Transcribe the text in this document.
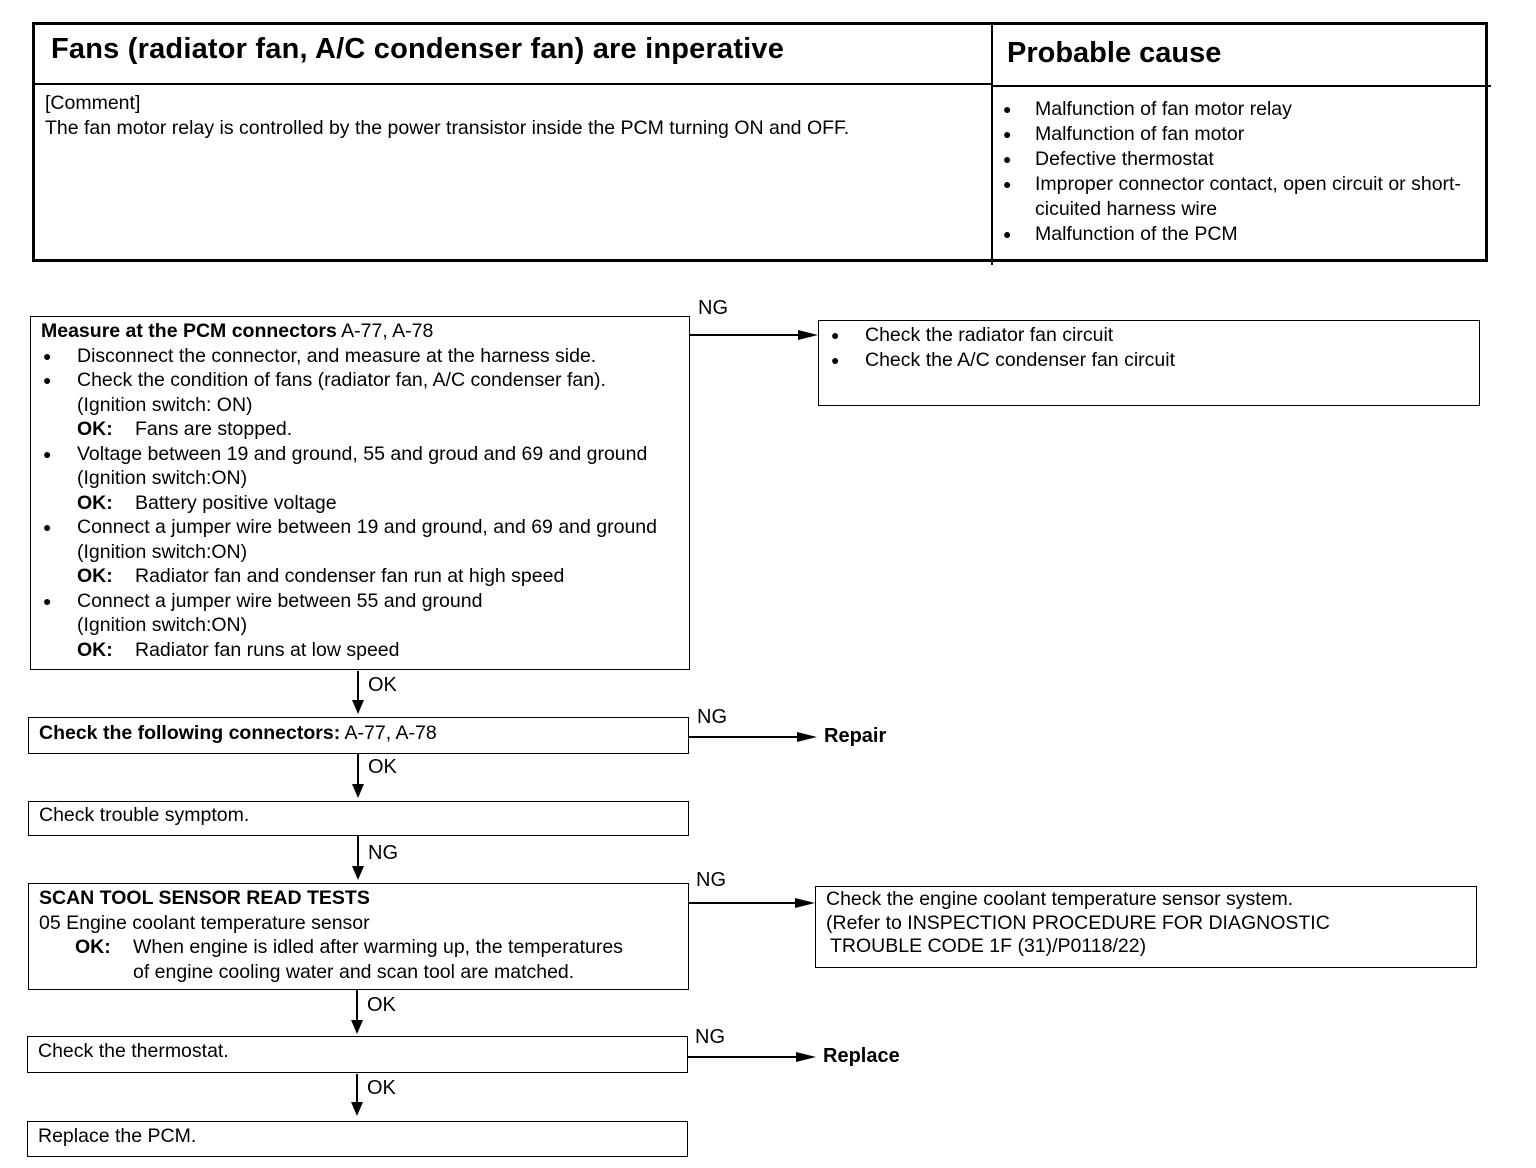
Fans (radiator fan, A/C condenser fan) are inperative	Probable cause
[Comment]
The fan motor relay is controlled by the power transistor inside the PCM turning ON and OFF.
● Malfunction of fan motor relay
● Malfunction of fan motor
● Defective thermostat
● Improper connector contact, open circuit or short-cicuited harness wire
● Malfunction of the PCM
Measure at the PCM connectors A-77, A-78
● Disconnect the connector, and measure at the harness side.
● Check the condition of fans (radiator fan, A/C condenser fan). (Ignition switch: ON)
OK: Fans are stopped.
● Voltage between 19 and ground, 55 and groud and 69 and ground (Ignition switch:ON)
OK: Battery positive voltage
● Connect a jumper wire between 19 and ground, and 69 and ground (Ignition switch:ON)
OK: Radiator fan and condenser fan run at high speed
● Connect a jumper wire between 55 and ground
(Ignition switch:ON)
OK: Radiator fan runs at low speed
NG
● Check the radiator fan circuit
● Check the A/C condenser fan circuit
OK
Check the following connectors: A-77, A-78
NG
Repair
OK
Check trouble symptom.
NG
SCAN TOOL SENSOR READ TESTS
05 Engine coolant temperature sensor
OK: When engine is idled after warming up, the temperatures
of engine cooling water and scan tool are matched.
NG
Check the engine coolant temperature sensor system.
(Refer to INSPECTION PROCEDURE FOR DIAGNOSTIC
TROUBLE CODE 1F (31)/P0118/22)
OK
Check the thermostat.
NG
Replace
OK
Replace the PCM.
